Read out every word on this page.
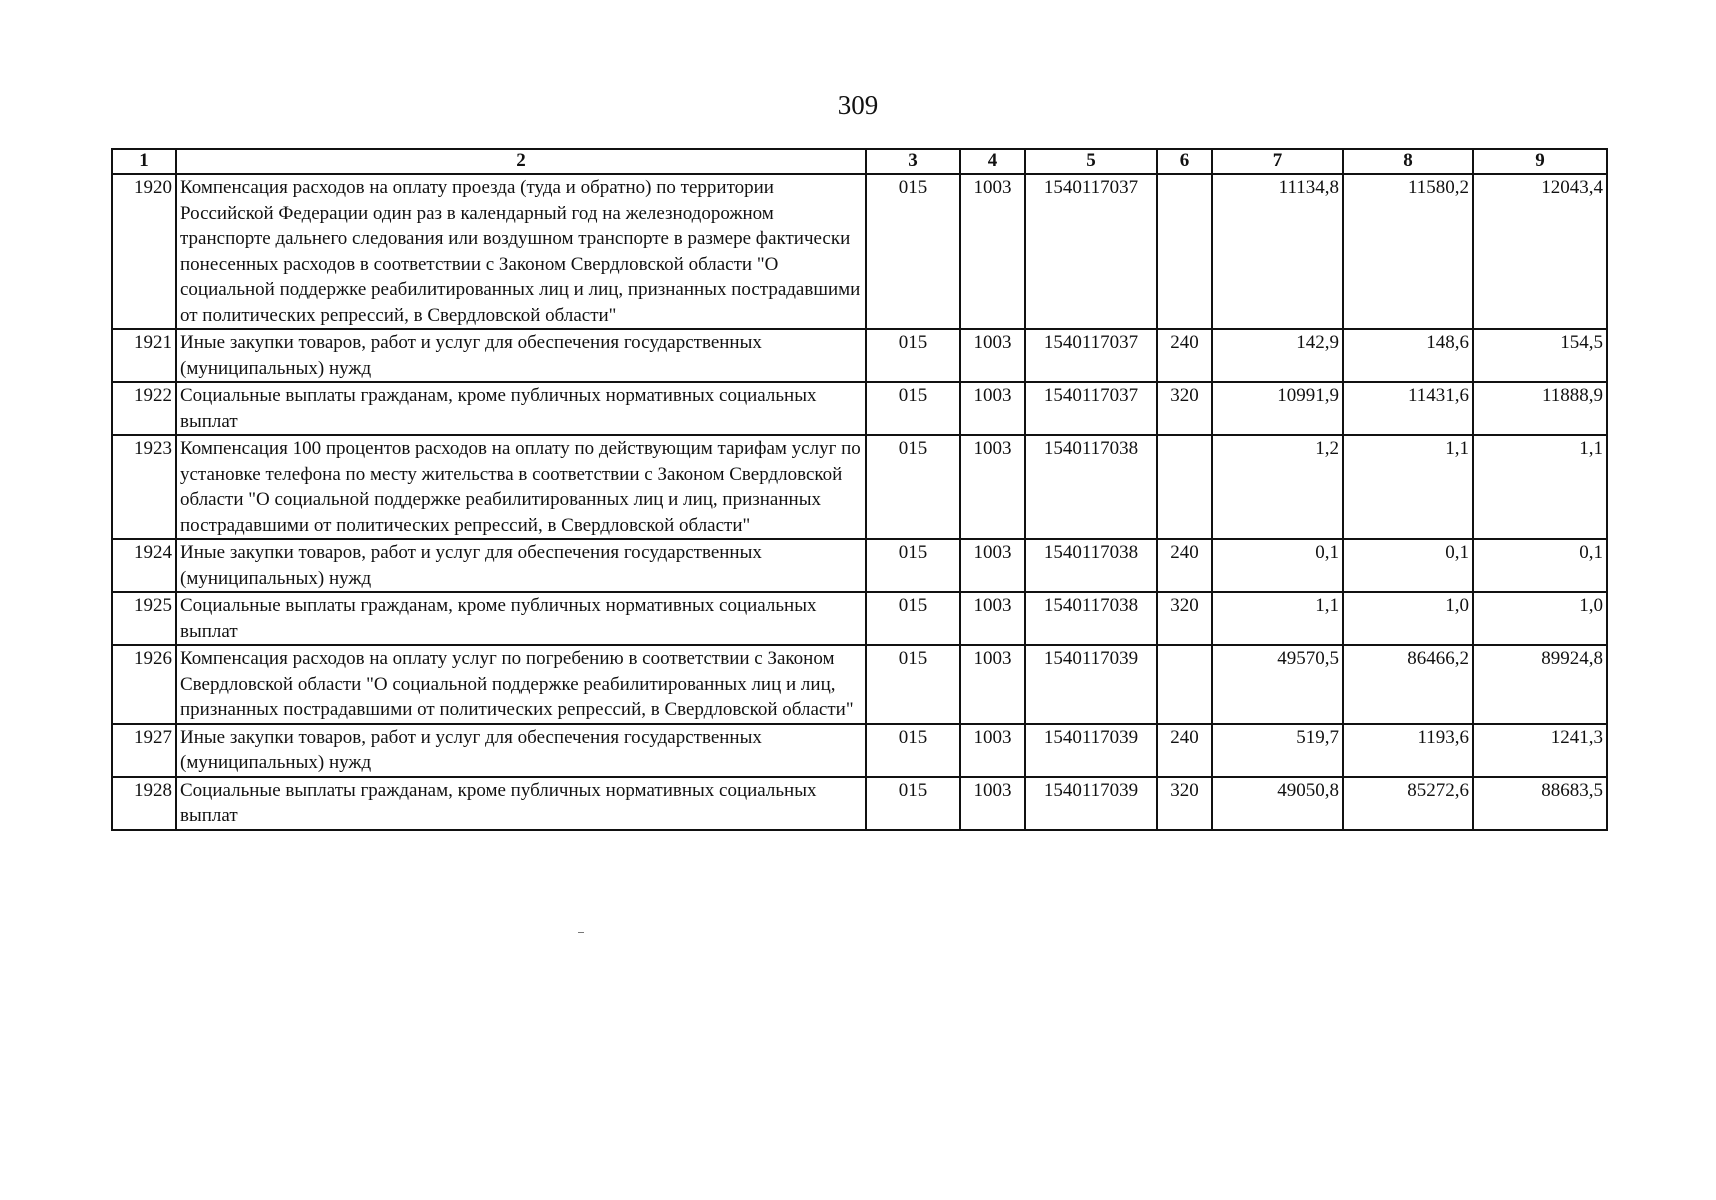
309
1	2	3	4	5	6	7	8	9
1920	Компенсация расходов на оплату проезда (туда и обратно) по территории Российской Федерации один раз в календарный год на железнодорожном транспорте дальнего следования или воздушном транспорте в размере фактически понесенных расходов в соответствии с Законом Свердловской области "О социальной поддержке реабилитированных лиц и лиц, признанных пострадавшими от политических репрессий, в Свердловской области"	015	1003	1540117037		11134,8	11580,2	12043,4
1921	Иные закупки товаров, работ и услуг для обеспечения государственных (муниципальных) нужд	015	1003	1540117037	240	142,9	148,6	154,5
1922	Социальные выплаты гражданам, кроме публичных нормативных социальных выплат	015	1003	1540117037	320	10991,9	11431,6	11888,9
1923	Компенсация 100 процентов расходов на оплату по действующим тарифам услуг по установке телефона по месту жительства в соответствии с Законом Свердловской области "О социальной поддержке реабилитированных лиц и лиц, признанных пострадавшими от политических репрессий, в Свердловской области"	015	1003	1540117038		1,2	1,1	1,1
1924	Иные закупки товаров, работ и услуг для обеспечения государственных (муниципальных) нужд	015	1003	1540117038	240	0,1	0,1	0,1
1925	Социальные выплаты гражданам, кроме публичных нормативных социальных выплат	015	1003	1540117038	320	1,1	1,0	1,0
1926	Компенсация расходов на оплату услуг по погребению в соответствии с Законом Свердловской области "О социальной поддержке реабилитированных лиц и лиц, признанных пострадавшими от политических репрессий, в Свердловской области"	015	1003	1540117039		49570,5	86466,2	89924,8
1927	Иные закупки товаров, работ и услуг для обеспечения государственных (муниципальных) нужд	015	1003	1540117039	240	519,7	1193,6	1241,3
1928	Социальные выплаты гражданам, кроме публичных нормативных социальных выплат	015	1003	1540117039	320	49050,8	85272,6	88683,5
